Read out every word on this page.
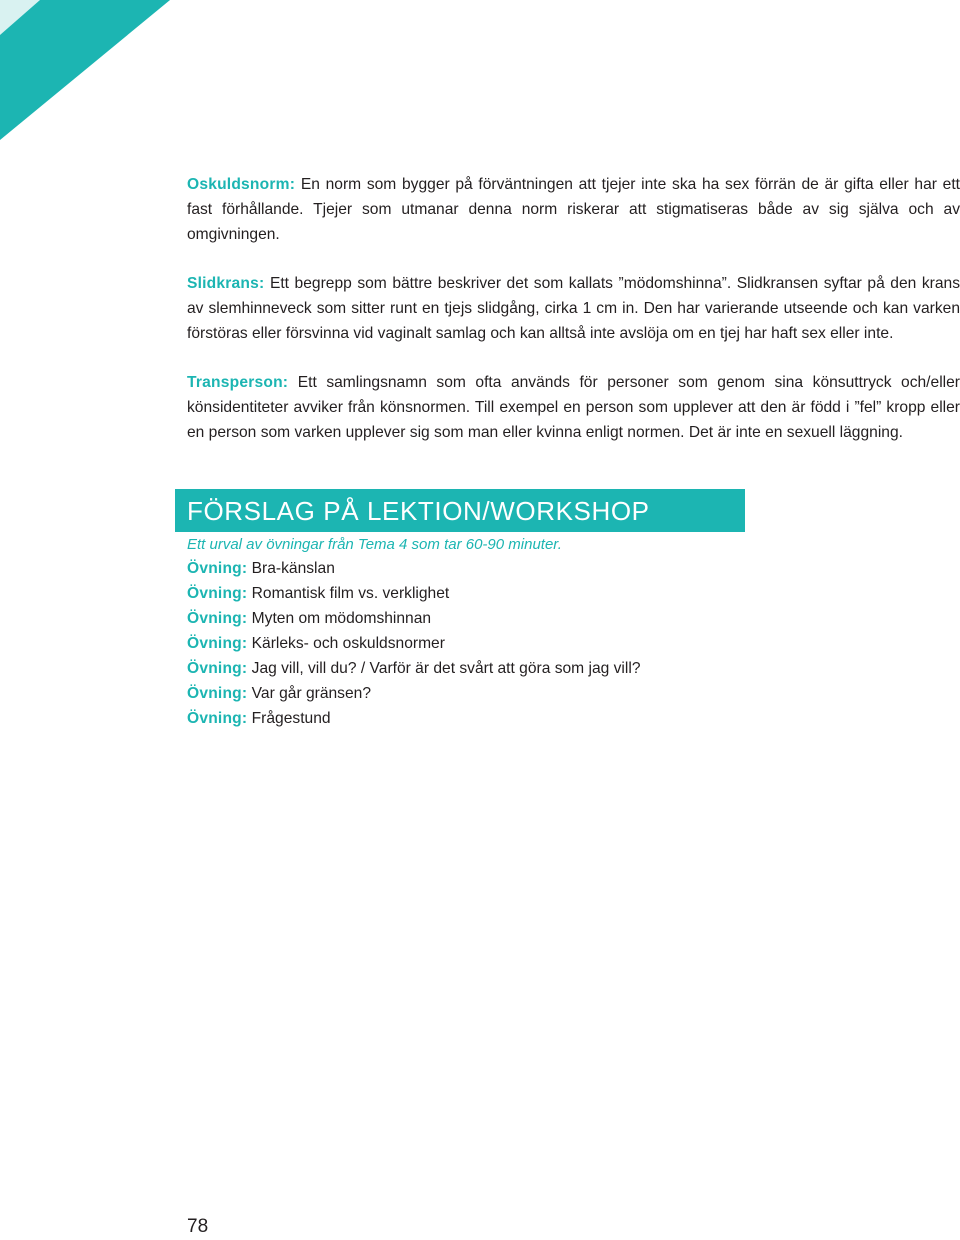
Oskuldsnorm: En norm som bygger på förväntningen att tjejer inte ska ha sex förrän de är gifta eller har ett fast förhållande. Tjejer som utmanar denna norm riskerar att stigmatiseras både av sig själva och av omgivningen.

Slidkrans: Ett begrepp som bättre beskriver det som kallats ”mödomshinna”. Slidkransen syftar på den krans av slemhinneveck som sitter runt en tjejs slidgång, cirka 1 cm in. Den har varierande utseende och kan varken förstöras eller försvinna vid vaginalt samlag och kan alltså inte avslöja om en tjej har haft sex eller inte.

Transperson: Ett samlingsnamn som ofta används för personer som genom sina könsuttryck och/eller könsidentiteter avviker från könsnormen. Till exempel en person som upplever att den är född i ”fel” kropp eller en person som varken upplever sig som man eller kvinna enligt normen. Det är inte en sexuell läggning.

FÖRSLAG PÅ LEKTION/WORKSHOP

Ett urval av övningar från Tema 4 som tar 60-90 minuter.

Övning: Bra-känslan
Övning: Romantisk film vs. verklighet
Övning: Myten om mödomshinnan
Övning: Kärleks- och oskuldsnormer
Övning: Jag vill, vill du? / Varför är det svårt att göra som jag vill?
Övning: Var går gränsen?
Övning: Frågestund
78
